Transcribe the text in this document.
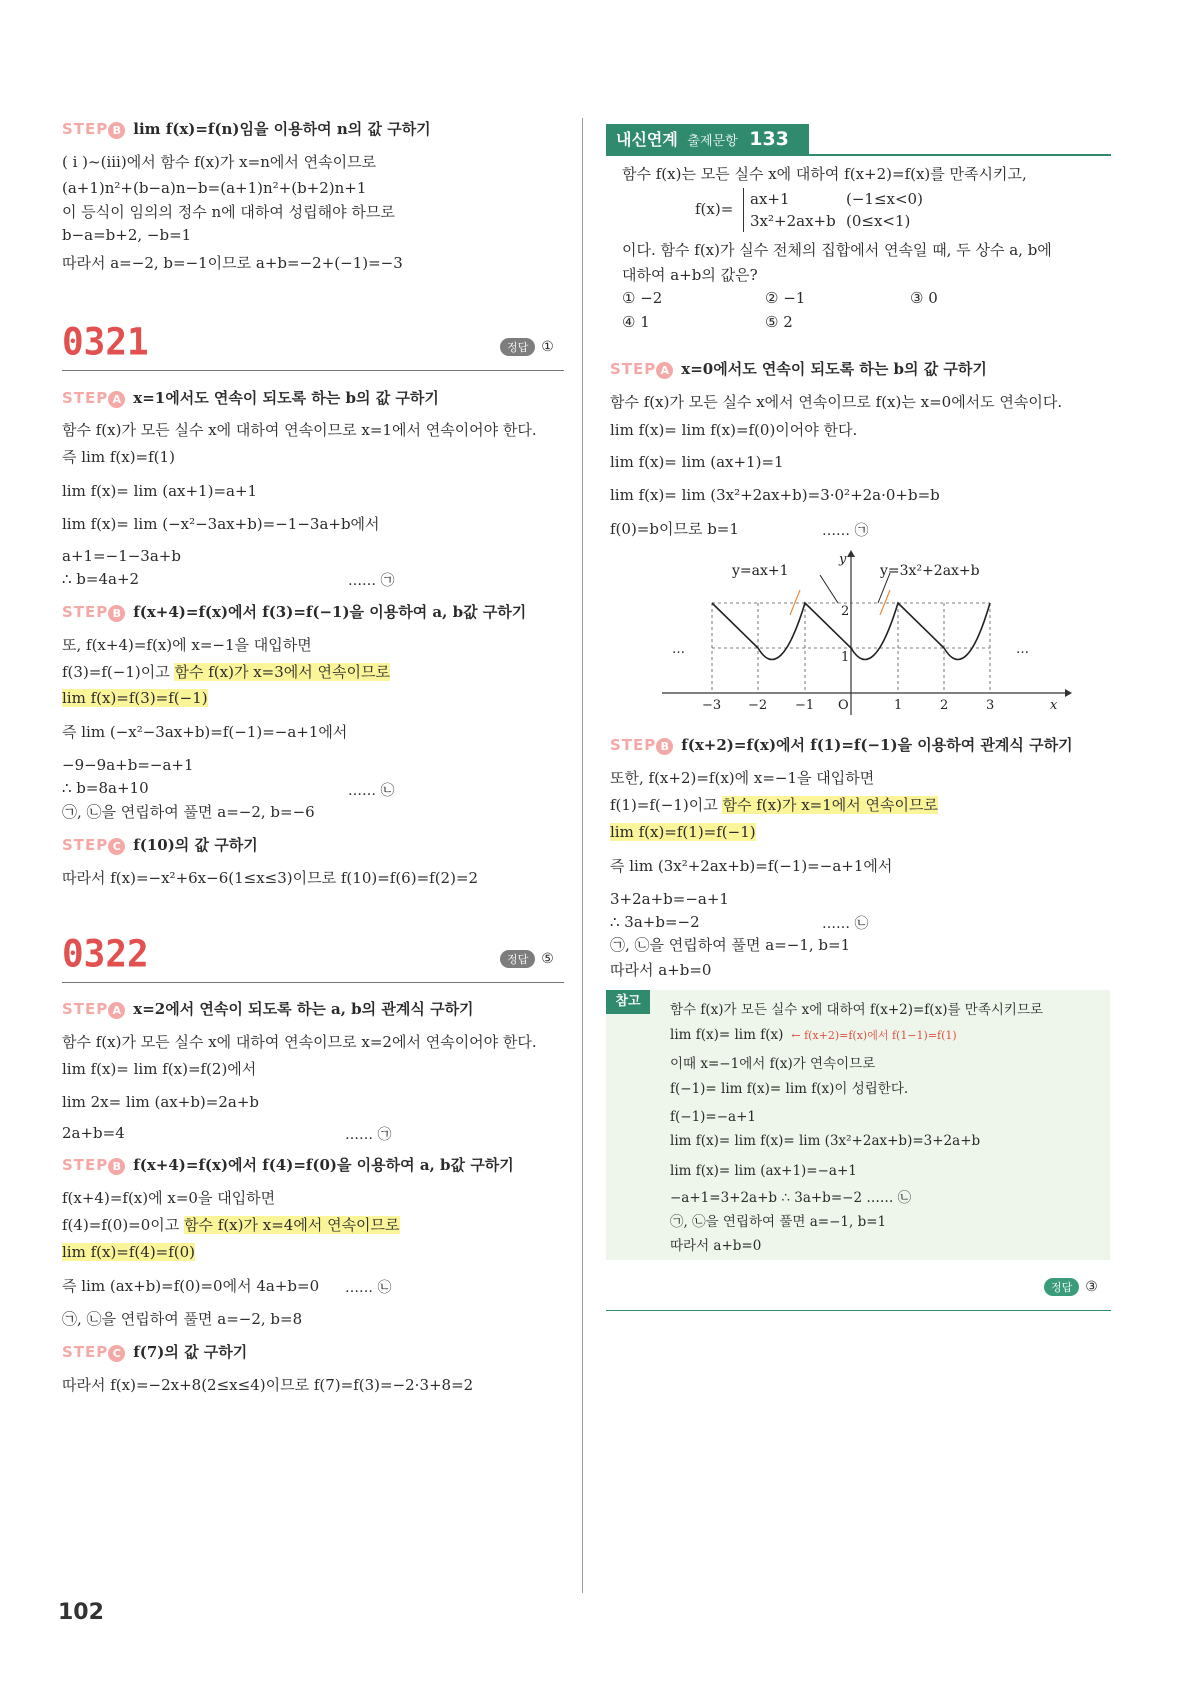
STEP B lim f(x)=f(n)임을 이용하여 n의 값 구하기
( i )~(iii)에서 함수 f(x)가 x=n에서 연속이므로
(a+1)n²+(b−a)n−b=(a+1)n²+(b+2)n+1
이 등식이 임의의 정수 n에 대하여 성립해야 하므로
b−a=b+2, −b=1
따라서 a=−2, b=−1이므로 a+b=−2+(−1)=−3
0321	정답 ①
STEP A x=1에서도 연속이 되도록 하는 b의 값 구하기
함수 f(x)가 모든 실수 x에 대하여 연속이므로 x=1에서 연속이어야 한다.
즉 lim f(x)=f(1)
lim f(x)= lim (ax+1)=a+1
lim f(x)= lim (−x²−3ax+b)=−1−3a+b에서
a+1=−1−3a+b
∴ b=4a+2	…… ㉠
STEP B f(x+4)=f(x)에서 f(3)=f(−1)을 이용하여 a, b값 구하기
또, f(x+4)=f(x)에 x=−1을 대입하면
f(3)=f(−1)이고 함수 f(x)가 x=3에서 연속이므로
lim f(x)=f(3)=f(−1)
즉 lim (−x²−3ax+b)=f(−1)=−a+1에서
−9−9a+b=−a+1
∴ b=8a+10	…… ㉡
㉠, ㉡을 연립하여 풀면 a=−2, b=−6
STEP C f(10)의 값 구하기
따라서 f(x)=−x²+6x−6(1≤x≤3)이므로 f(10)=f(6)=f(2)=2
0322	정답 ⑤
STEP A x=2에서 연속이 되도록 하는 a, b의 관계식 구하기
함수 f(x)가 모든 실수 x에 대하여 연속이므로 x=2에서 연속이어야 한다.
lim f(x)= lim f(x)=f(2)에서
lim 2x= lim (ax+b)=2a+b
2a+b=4	…… ㉠
STEP B f(x+4)=f(x)에서 f(4)=f(0)을 이용하여 a, b값 구하기
f(x+4)=f(x)에 x=0을 대입하면
f(4)=f(0)=0이고 함수 f(x)가 x=4에서 연속이므로
lim f(x)=f(4)=f(0)
즉 lim (ax+b)=f(0)=0에서 4a+b=0 …… ㉡
㉠, ㉡을 연립하여 풀면 a=−2, b=8
STEP C f(7)의 값 구하기
따라서 f(x)=−2x+8(2≤x≤4)이므로 f(7)=f(3)=−2·3+8=2
102
내신연계 출제문항 133
함수 f(x)는 모든 실수 x에 대하여 f(x+2)=f(x)를 만족시키고,
f(x)=
ax+1	(−1≤x<0)
3x²+2ax+b (0≤x<1)
이다. 함수 f(x)가 실수 전체의 집합에서 연속일 때, 두 상수 a, b에
대하여 a+b의 값은?
① −2	② −1	③ 0
④ 1	⑤ 2
STEP A x=0에서도 연속이 되도록 하는 b의 값 구하기
함수 f(x)가 모든 실수 x에서 연속이므로 f(x)는 x=0에서도 연속이다.
lim f(x)= lim f(x)=f(0)이어야 한다.
lim f(x)= lim (ax+1)=1
lim f(x)= lim (3x²+2ax+b)=3·0²+2a·0+b=b
f(0)=b이므로 b=1	…… ㉠
y=ax+1	y=3x²+2ax+b
y
x
O
−3 −2 −1	1	2	3
1
2
…	…
STEP B f(x+2)=f(x)에서 f(1)=f(−1)을 이용하여 관계식 구하기
또한, f(x+2)=f(x)에 x=−1을 대입하면
f(1)=f(−1)이고 함수 f(x)가 x=1에서 연속이므로
lim f(x)=f(1)=f(−1)
즉 lim (3x²+2ax+b)=f(−1)=−a+1에서
3+2a+b=−a+1
∴ 3a+b=−2	…… ㉡
㉠, ㉡을 연립하여 풀면 a=−1, b=1
따라서 a+b=0
참고
함수 f(x)가 모든 실수 x에 대하여 f(x+2)=f(x)를 만족시키므로
lim f(x)= lim f(x) ← f(x+2)=f(x)에서 f(1−1)=f(1)
이때 x=−1에서 f(x)가 연속이므로
f(−1)= lim f(x)= lim f(x)이 성립한다.
f(−1)=−a+1
lim f(x)= lim f(x)= lim (3x²+2ax+b)=3+2a+b
lim f(x)= lim (ax+1)=−a+1
−a+1=3+2a+b ∴ 3a+b=−2 …… ㉡
㉠, ㉡을 연립하여 풀면 a=−1, b=1
따라서 a+b=0
정답 ③
